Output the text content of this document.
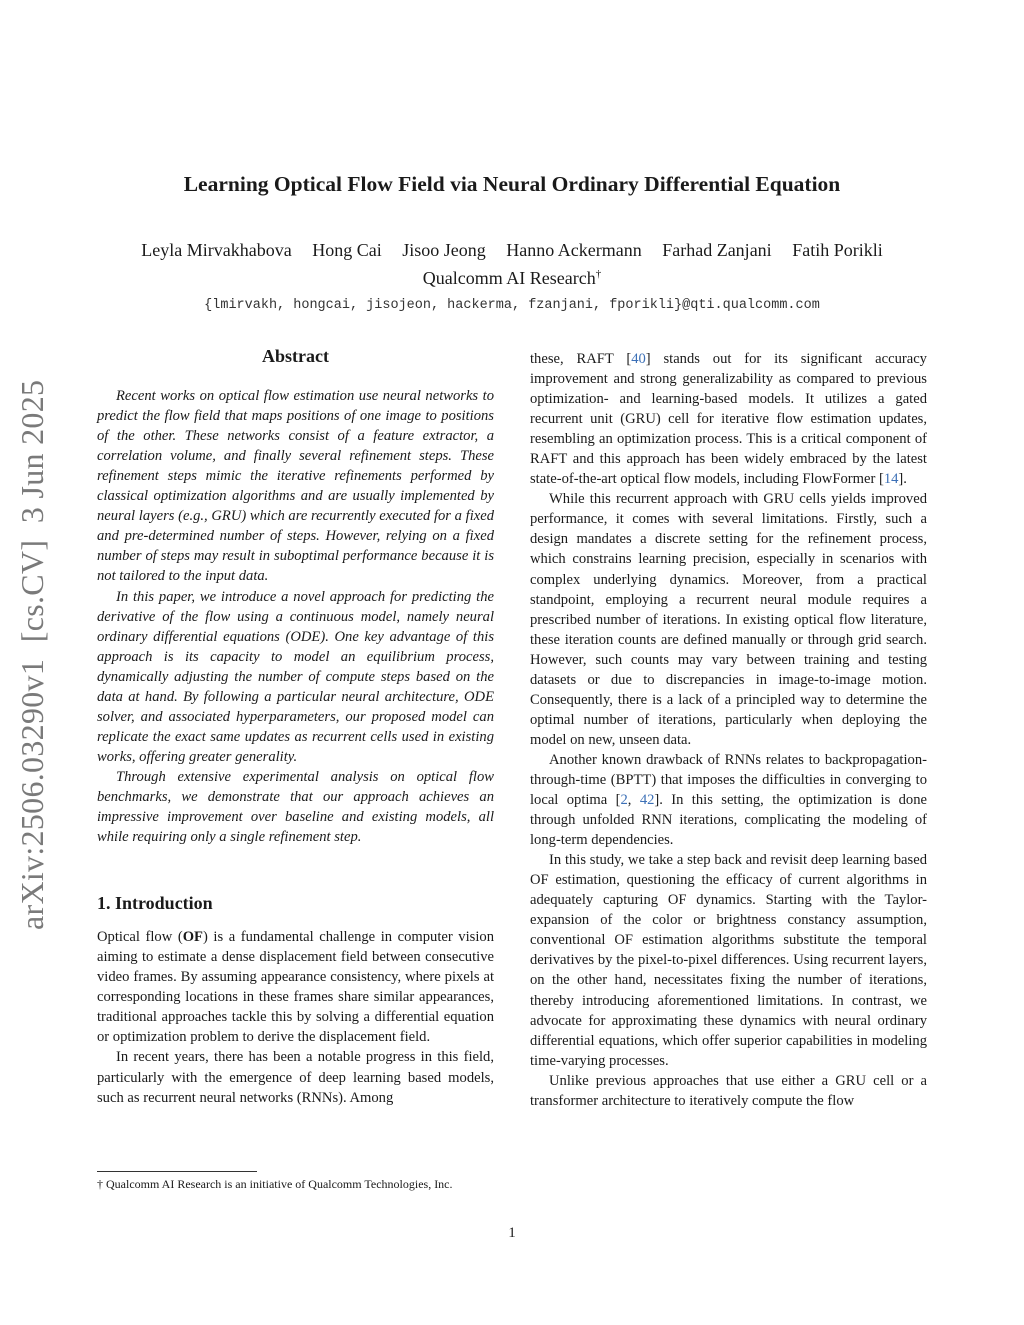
arXiv:2506.03290v1  [cs.CV]  3 Jun 2025
Learning Optical Flow Field via Neural Ordinary Differential Equation
Leyla Mirvakhabova Hong Cai Jisoo Jeong Hanno Ackermann Farhad Zanjani Fatih Porikli
Qualcomm AI Research†
{lmirvakh, hongcai, jisojeon, hackerma, fzanjani, fporikli}@qti.qualcomm.com
Abstract

Recent works on optical flow estimation use neural networks to predict the flow field that maps positions of one image to positions of the other. These networks consist of a feature extractor, a correlation volume, and finally several refinement steps. These refinement steps mimic the iterative refinements performed by classical optimization algorithms and are usually implemented by neural layers (e.g., GRU) which are recurrently executed for a fixed and pre-determined number of steps. However, relying on a fixed number of steps may result in suboptimal performance because it is not tailored to the input data.

In this paper, we introduce a novel approach for predicting the derivative of the flow using a continuous model, namely neural ordinary differential equations (ODE). One key advantage of this approach is its capacity to model an equilibrium process, dynamically adjusting the number of compute steps based on the data at hand. By following a particular neural architecture, ODE solver, and associated hyperparameters, our proposed model can replicate the exact same updates as recurrent cells used in existing works, offering greater generality.

Through extensive experimental analysis on optical flow benchmarks, we demonstrate that our approach achieves an impressive improvement over baseline and existing models, all while requiring only a single refinement step.

1. Introduction

Optical flow (OF) is a fundamental challenge in computer vision aiming to estimate a dense displacement field between consecutive video frames. By assuming appearance consistency, where pixels at corresponding locations in these frames share similar appearances, traditional approaches tackle this by solving a differential equation or optimization problem to derive the displacement field.

In recent years, there has been a notable progress in this field, particularly with the emergence of deep learning based models, such as recurrent neural networks (RNNs). Among

these, RAFT [40] stands out for its significant accuracy improvement and strong generalizability as compared to previous optimization- and learning-based models. It utilizes a gated recurrent unit (GRU) cell for iterative flow estimation updates, resembling an optimization process. This is a critical component of RAFT and this approach has been widely embraced by the latest state-of-the-art optical flow models, including FlowFormer [14].

While this recurrent approach with GRU cells yields improved performance, it comes with several limitations. Firstly, such a design mandates a discrete setting for the refinement process, which constrains learning precision, especially in scenarios with complex underlying dynamics. Moreover, from a practical standpoint, employing a recurrent neural module requires a prescribed number of iterations. In existing optical flow literature, these iteration counts are defined manually or through grid search. However, such counts may vary between training and testing datasets or due to discrepancies in image-to-image motion. Consequently, there is a lack of a principled way to determine the optimal number of iterations, particularly when deploying the model on new, unseen data.

Another known drawback of RNNs relates to backpropagation-through-time (BPTT) that imposes the difficulties in converging to local optima [2, 42]. In this setting, the optimization is done through unfolded RNN iterations, complicating the modeling of long-term dependencies.

In this study, we take a step back and revisit deep learning based OF estimation, questioning the efficacy of current algorithms in adequately capturing OF dynamics. Starting with the Taylor-expansion of the color or brightness constancy assumption, conventional OF estimation algorithms substitute the temporal derivatives by the pixel-to-pixel differences. Using recurrent layers, on the other hand, necessitates fixing the number of iterations, thereby introducing aforementioned limitations. In contrast, we advocate for approximating these dynamics with neural ordinary differential equations, which offer superior capabilities in modeling time-varying processes.

Unlike previous approaches that use either a GRU cell or a transformer architecture to iteratively compute the flow

† Qualcomm AI Research is an initiative of Qualcomm Technologies, Inc.
1
